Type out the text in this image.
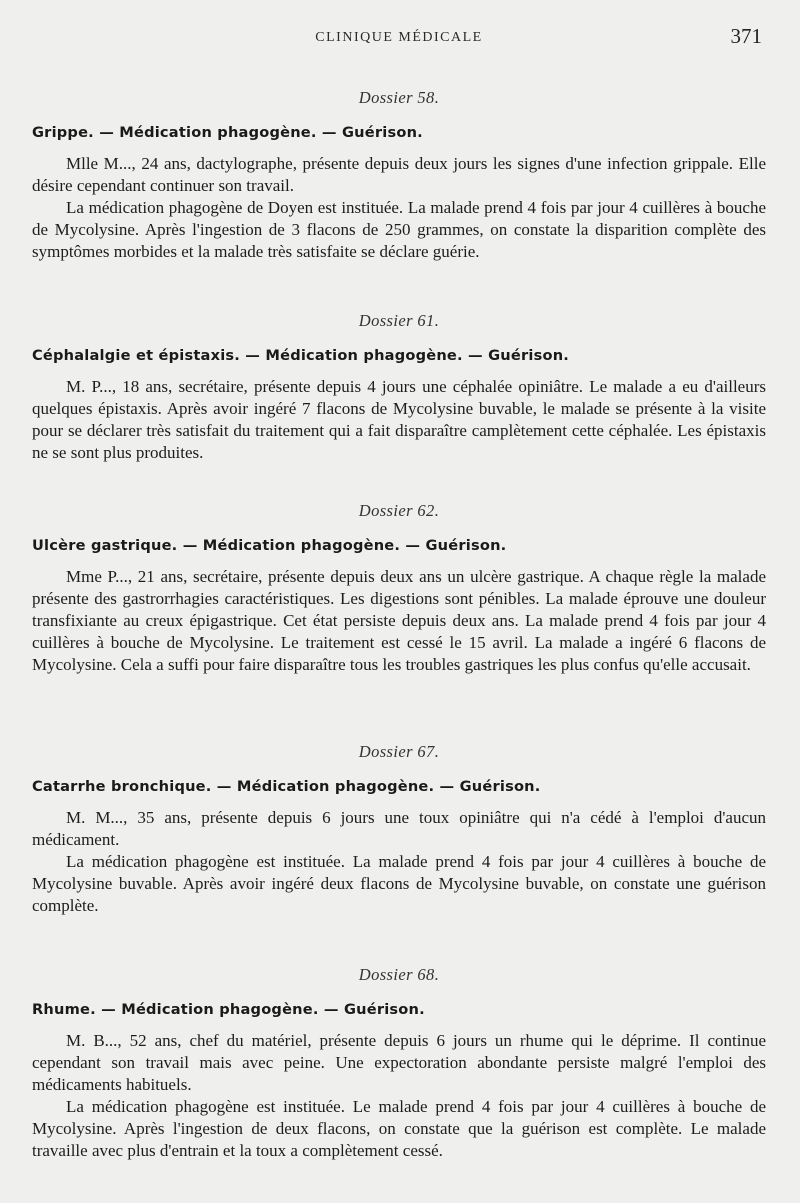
CLINIQUE MÉDICALE	371
Dossier 58.
Grippe. — Médication phagogène. — Guérison.

Mlle M..., 24 ans, dactylographe, présente depuis deux jours les signes d'une infection grippale. Elle désire cependant continuer son travail.

La médication phagogène de Doyen est instituée. La malade prend 4 fois par jour 4 cuillères à bouche de Mycolysine. Après l'ingestion de 3 flacons de 250 grammes, on constate la disparition complète des symptômes morbides et la malade très satisfaite se déclare guérie.

Dossier 61.
Céphalalgie et épistaxis. — Médication phagogène. — Guérison.

M. P..., 18 ans, secrétaire, présente depuis 4 jours une céphalée opiniâtre. Le malade a eu d'ailleurs quelques épistaxis. Après avoir ingéré 7 flacons de Mycolysine buvable, le malade se présente à la visite pour se déclarer très satisfait du traitement qui a fait disparaître camplètement cette céphalée. Les épistaxis ne se sont plus produites.

Dossier 62.
Ulcère gastrique. — Médication phagogène. — Guérison.

Mme P..., 21 ans, secrétaire, présente depuis deux ans un ulcère gastrique. A chaque règle la malade présente des gastrorrhagies caractéristiques. Les digestions sont pénibles. La malade éprouve une douleur transfixiante au creux épigastrique. Cet état persiste depuis deux ans. La malade prend 4 fois par jour 4 cuillères à bouche de Mycolysine. Le traitement est cessé le 15 avril. La malade a ingéré 6 flacons de Mycolysine. Cela a suffi pour faire disparaître tous les troubles gastriques les plus confus qu'elle accusait.

Dossier 67.
Catarrhe bronchique. — Médication phagogène. — Guérison.

M. M..., 35 ans, présente depuis 6 jours une toux opiniâtre qui n'a cédé à l'emploi d'aucun médicament.

La médication phagogène est instituée. La malade prend 4 fois par jour 4 cuillères à bouche de Mycolysine buvable. Après avoir ingéré deux flacons de Mycolysine buvable, on constate une guérison complète.

Dossier 68.
Rhume. — Médication phagogène. — Guérison.

M. B..., 52 ans, chef du matériel, présente depuis 6 jours un rhume qui le déprime. Il continue cependant son travail mais avec peine. Une expectoration abondante persiste malgré l'emploi des médicaments habituels.

La médication phagogène est instituée. Le malade prend 4 fois par jour 4 cuillères à bouche de Mycolysine. Après l'ingestion de deux flacons, on constate que la guérison est complète. Le malade travaille avec plus d'entrain et la toux a complètement cessé.
